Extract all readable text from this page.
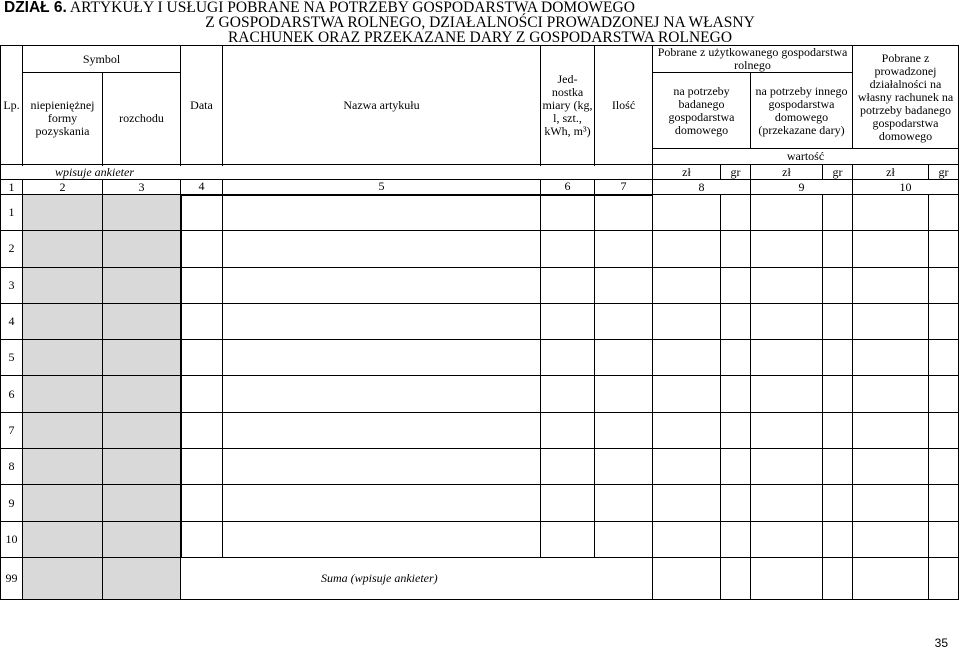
DZIAŁ 6. ARTYKUŁY I USŁUGI POBRANE NA POTRZEBY GOSPODARSTWA DOMOWEGO
Z GOSPODARSTWA ROLNEGO, DZIAŁALNOŚCI PROWADZONEJ NA WŁASNY
RACHUNEK ORAZ PRZEKAZANE DARY Z GOSPODARSTWA ROLNEGO
Lp.	Symbol		Data	Nazwa artykułu	Jed- nostka miary (kg, l, szt., kWh, m³)	Ilość	Pobrane z użytkowanego gospodarstwa rolnego				Pobrane z prowadzonej działalności na własny rachunek na potrzeby badanego gospodarstwa domowego	
	niepieniężnej formy pozyskania	rozchodu					na potrzeby badanego gospodarstwa domowego		na potrzeby innego gospodarstwa domowego (przekazane dary)			
							wartość					

wpisuje ankieter							zł	gr	zł	gr	zł	gr
1	2	3	4	5	6	7	8		9		10	
1												
2												
3												
4												
5												
6												
7												
8												
9												
10												
99			Suma (wpisuje ankieter)									
35
